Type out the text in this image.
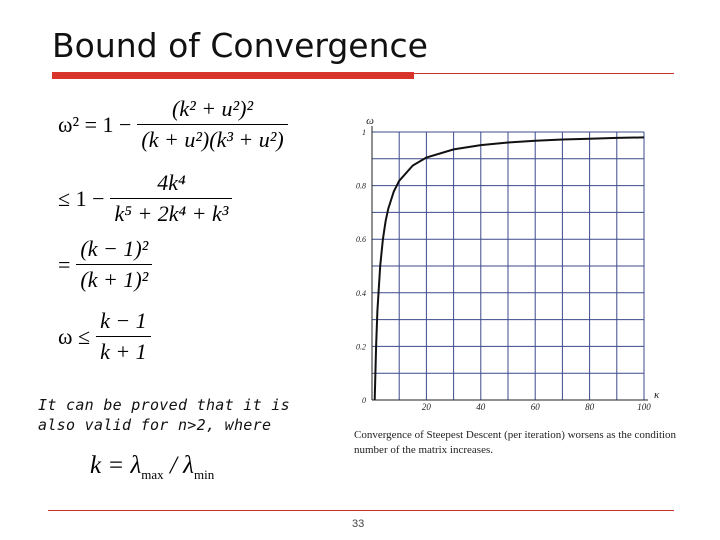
Bound of Convergence
$\omega^2 = 1 - \frac{\text{(k² + u²)²}}{\text{(k + u²)(k³ + u²)}}$
≤ $1 - \frac{\text{4k⁴}}{\text{k⁵ + 2k⁴ + k³}}$
= $\frac{\text{(k − 1)²}}{\text{(k + 1)²}}$
$\omega \le \frac{k - 1}{k + 1}$
It can be proved that it is
also valid for n>2, where
$k = \lambda_{max} / \lambda_{min}$
20	40	60	80	100
0
0.2
0.4
0.6
0.8
1
ω
κ
Convergence of Steepest Descent (per iteration) worsens as the condition number of the matrix increases.
33
